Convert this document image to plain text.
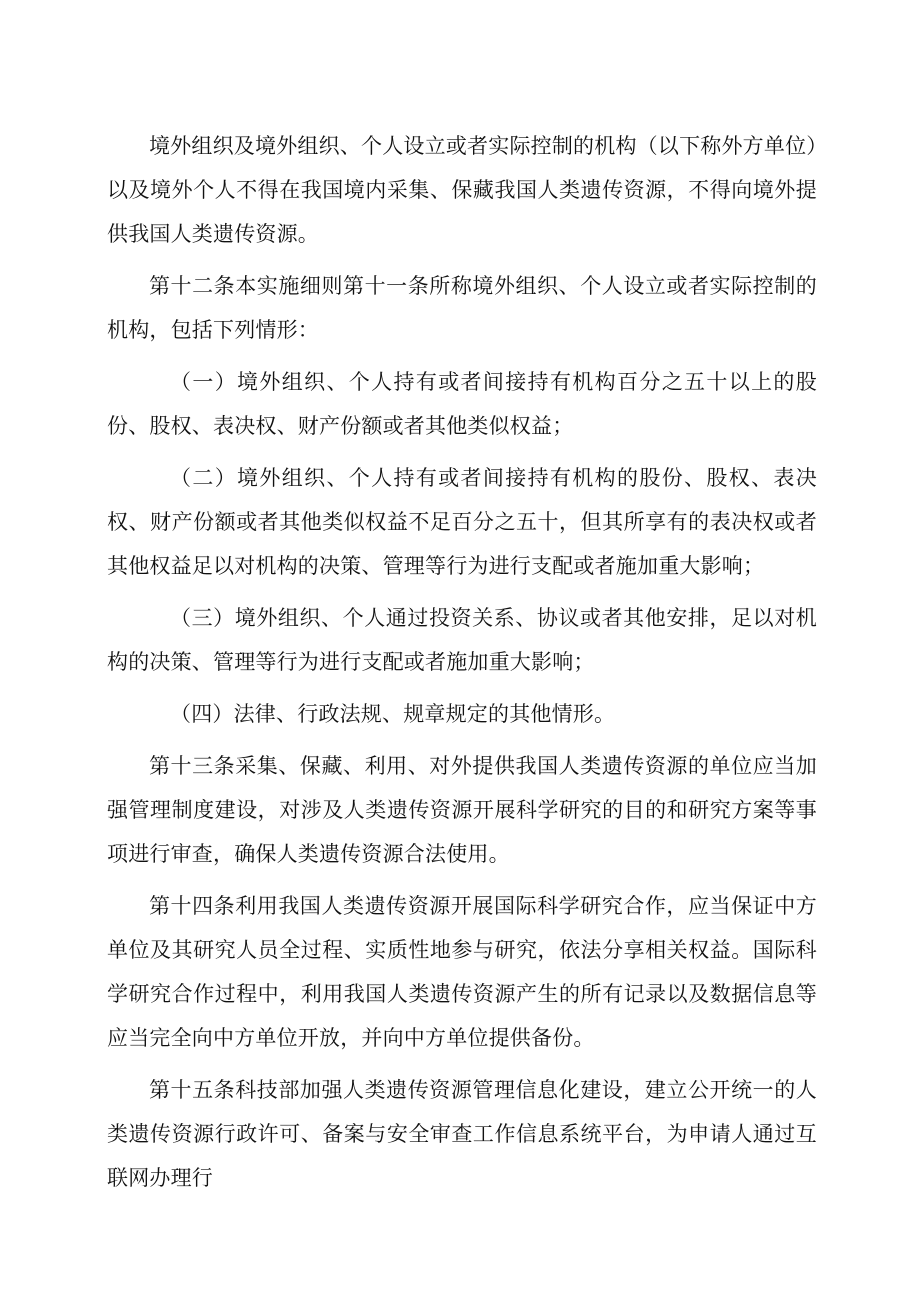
境外组织及境外组织、个人设立或者实际控制的机构（以下称外方单位）以及境外个人不得在我国境内采集、保藏我国人类遗传资源，不得向境外提供我国人类遗传资源。

第十二条本实施细则第十一条所称境外组织、个人设立或者实际控制的机构，包括下列情形：

（一）境外组织、个人持有或者间接持有机构百分之五十以上的股份、股权、表决权、财产份额或者其他类似权益；

（二）境外组织、个人持有或者间接持有机构的股份、股权、表决权、财产份额或者其他类似权益不足百分之五十，但其所享有的表决权或者其他权益足以对机构的决策、管理等行为进行支配或者施加重大影响；

（三）境外组织、个人通过投资关系、协议或者其他安排，足以对机构的决策、管理等行为进行支配或者施加重大影响；

（四）法律、行政法规、规章规定的其他情形。

第十三条采集、保藏、利用、对外提供我国人类遗传资源的单位应当加强管理制度建设，对涉及人类遗传资源开展科学研究的目的和研究方案等事项进行审查，确保人类遗传资源合法使用。

第十四条利用我国人类遗传资源开展国际科学研究合作，应当保证中方单位及其研究人员全过程、实质性地参与研究，依法分享相关权益。国际科学研究合作过程中，利用我国人类遗传资源产生的所有记录以及数据信息等应当完全向中方单位开放，并向中方单位提供备份。

第十五条科技部加强人类遗传资源管理信息化建设，建立公开统一的人类遗传资源行政许可、备案与安全审查工作信息系统平台，为申请人通过互联网办理行
